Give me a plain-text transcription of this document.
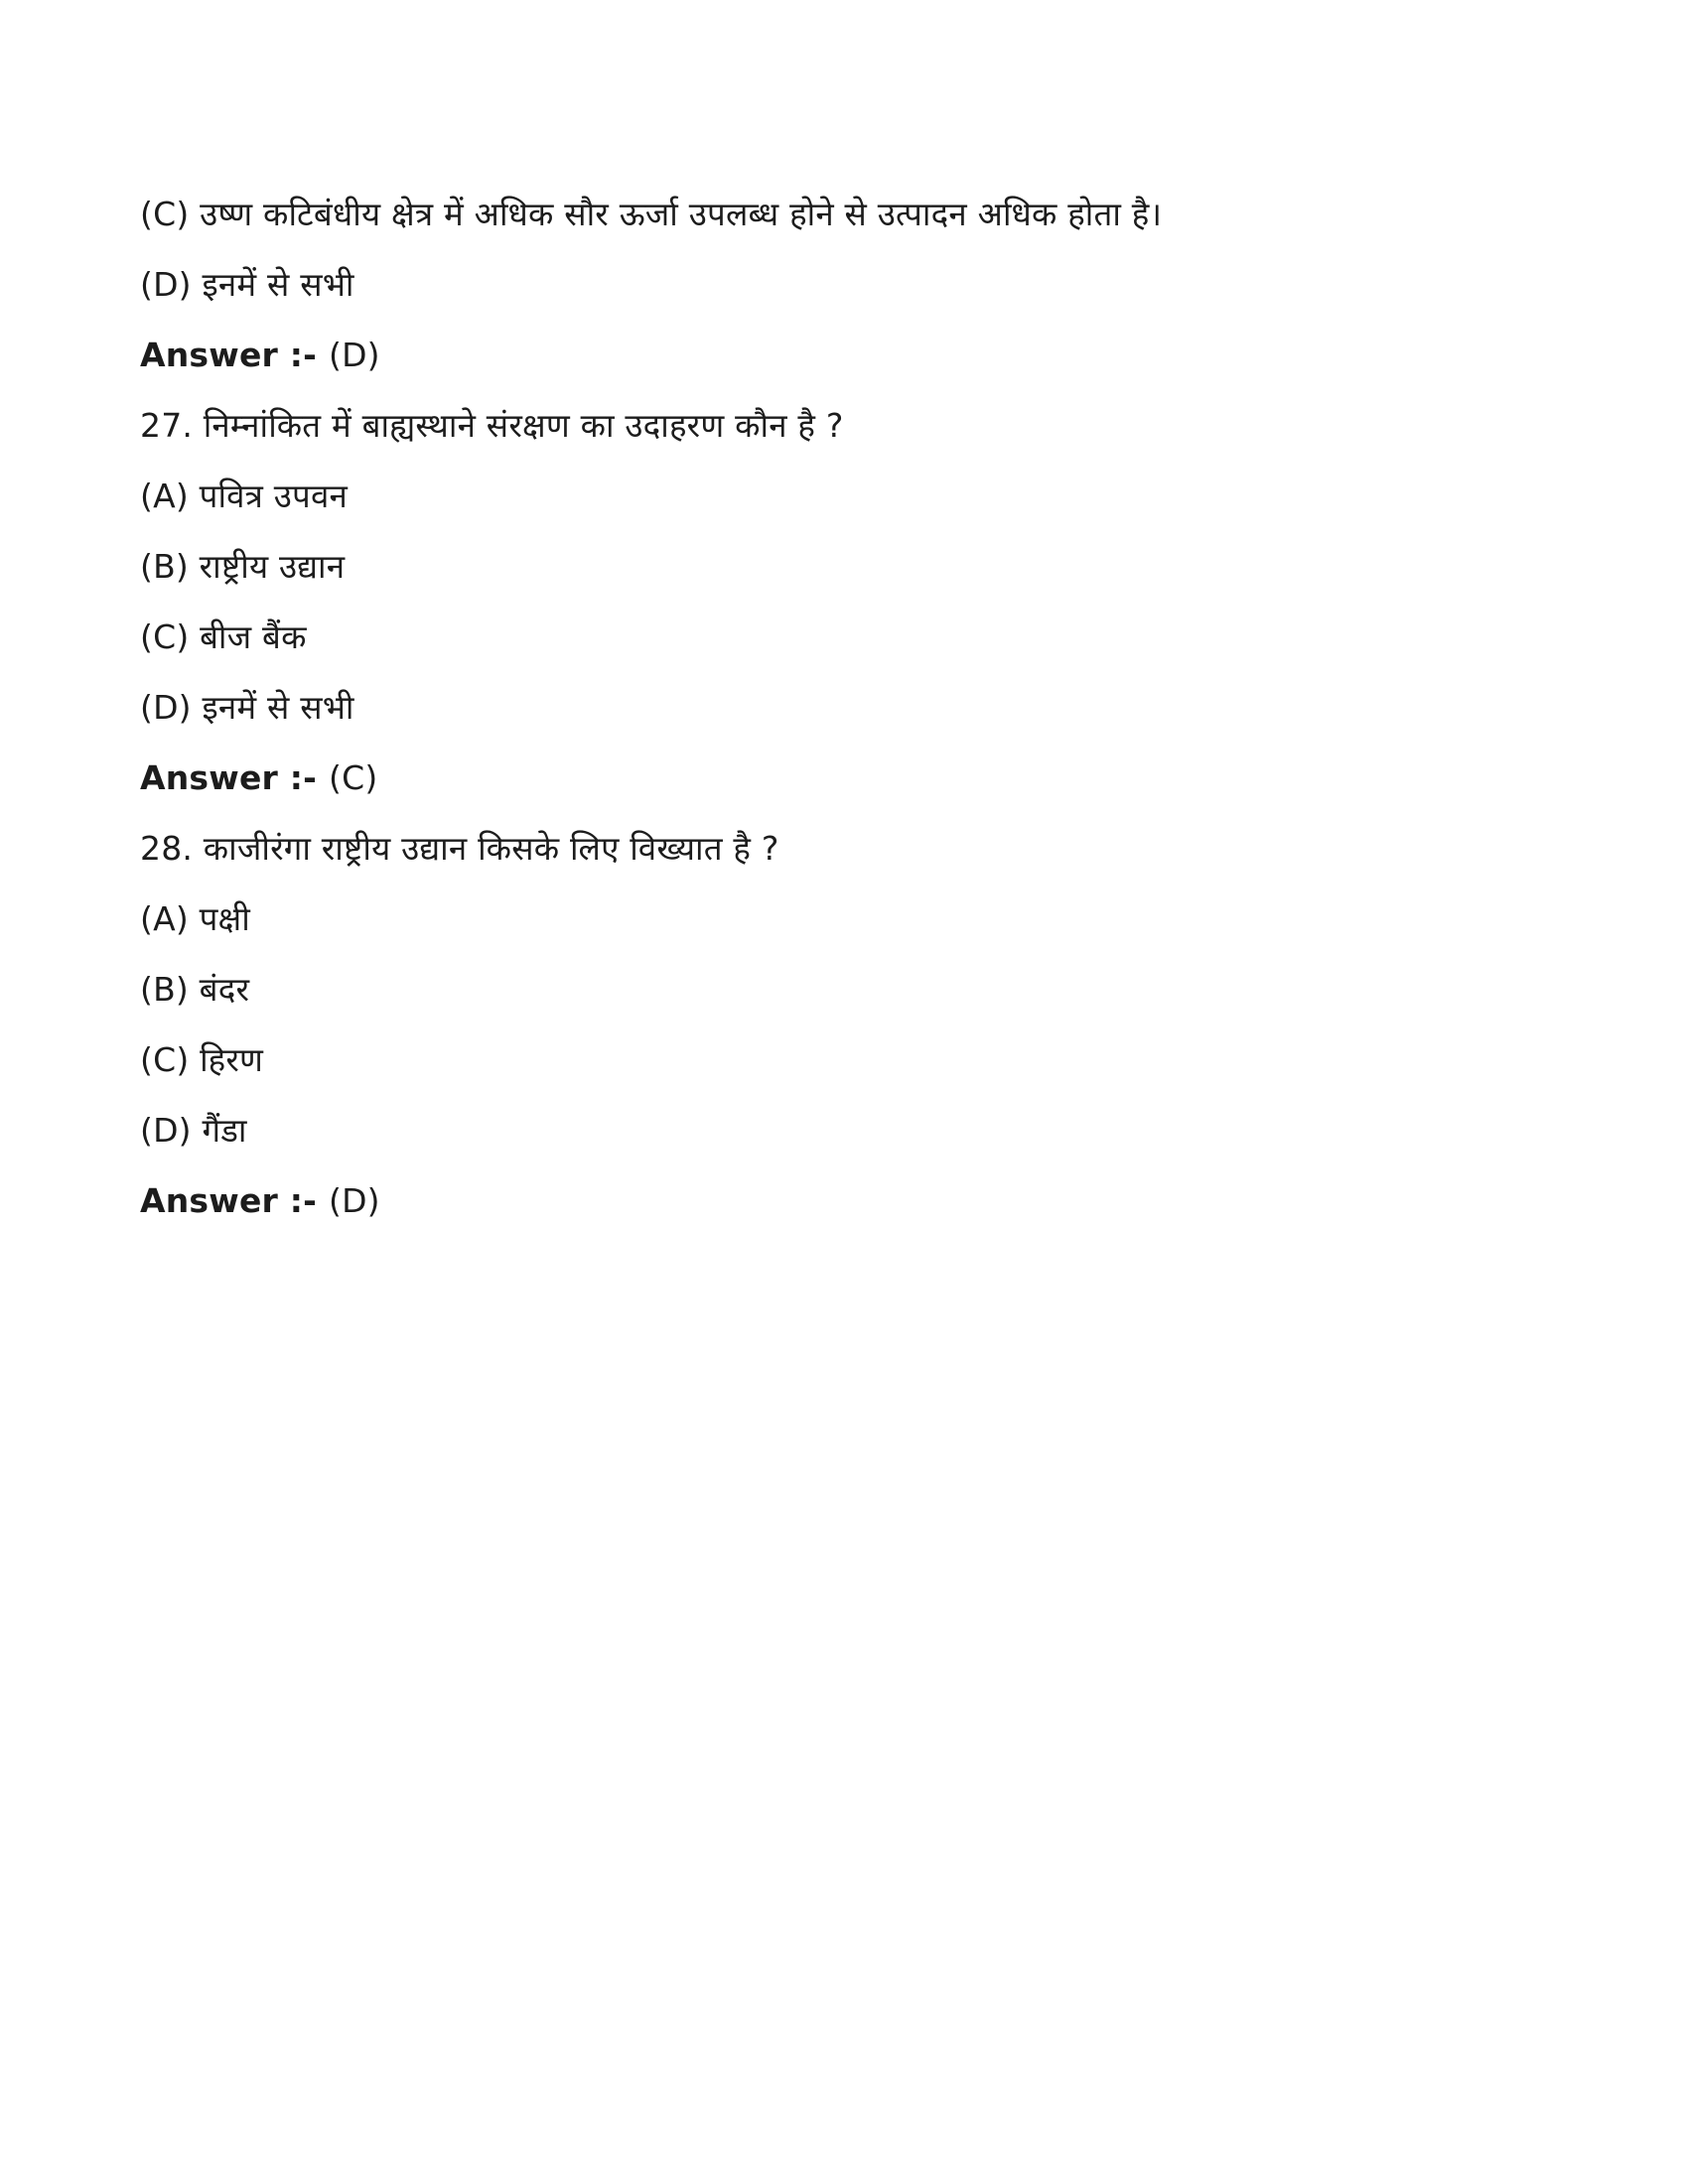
(C) उष्ण कटिबंधीय क्षेत्र में अधिक सौर ऊर्जा उपलब्ध होने से उत्पादन अधिक होता है।

(D) इनमें से सभी

Answer :- (D)

27. निम्नांकित में बाह्यस्थाने संरक्षण का उदाहरण कौन है ?

(A) पवित्र उपवन

(B) राष्ट्रीय उद्यान

(C) बीज बैंक

(D) इनमें से सभी

Answer :- (C)

28. काजीरंगा राष्ट्रीय उद्यान किसके लिए विख्यात है ?

(A) पक्षी

(B) बंदर

(C) हिरण

(D) गैंडा

Answer :- (D)
